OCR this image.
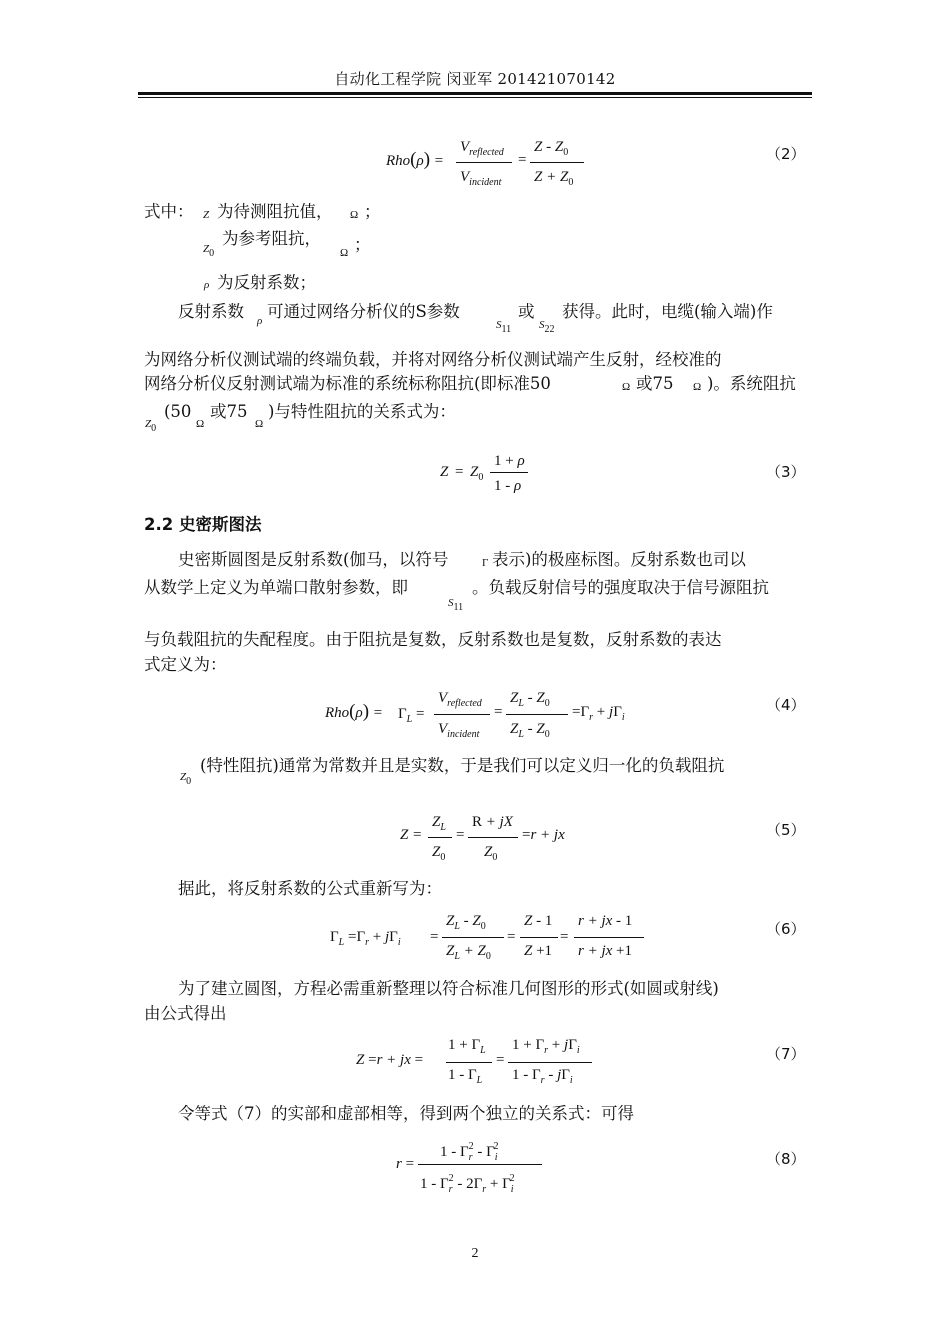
自动化工程学院 闵亚军 201421070142
Rho(ρ) =
$V_{reflected}$
$V_{incident}$
=
Z - $Z_0$
$Z + Z_0$
（2）
式中： Z 为待测阻抗值， Ω ；
Z0
为参考阻抗，
Ω ；
ρ 为反射系数；
反射系数 ρ 可通过网络分析仪的S参数
S11
或
S22
获得。此时，电缆(输入端)作
为网络分析仪测试端的终端负载，并将对网络分析仪测试端产生反射，经校准的
网络分析仪反射测试端为标准的系统标称阻抗(即标准50	Ω 或75 Ω )。系统阻抗
Z0
(50
Ω
或75
Ω
)与特性阻抗的关系式为：
$Z = Z_0$
1 + ρ
1 - ρ
（3）
2.2 史密斯图法
史密斯圆图是反射系数(伽马，以符号	Γ 表示)的极座标图。反射系数也司以
从数学上定义为单端口散射参数，即
S11
。负载反射信号的强度取决于信号源阻抗
与负载阻抗的失配程度。由于阻抗是复数，反射系数也是复数，反射系数的表达
式定义为：
$Rho(\rho) = \Gamma_L$ =
$V_{reflected}$
$V_{incident}$
=
$Z_L - Z_0$
$Z_L - Z_0$
$=\Gamma_r + j\Gamma_i$
（4）
Z0
(特性阻抗)通常为常数并且是实数，于是我们可以定义归一化的负载阻抗
Z =
$Z_L$
$Z_0$
=
R + jX
$Z_0$
=r + jx	（5）
据此，将反射系数的公式重新写为：
$\Gamma_L =\Gamma_r + j\Gamma_i$ =
$Z_L - Z_0$
$Z_L + Z_0$
=
Z - 1
Z +1
=
r + jx - 1
r + jx +1
（6）
为了建立圆图，方程必需重新整理以符合标准几何图形的形式(如圆或射线)
由公式得出
Z =r + jx =
$1 + \Gamma_L$
$1 - \Gamma_L$
=
$1 + \Gamma_r + j\Gamma_i$
$1 - \Gamma_r - j\Gamma_i$
（7）
令等式（7）的实部和虚部相等，得到两个独立的关系式：可得
r =
$1 - \Gamma_r^2 - \Gamma_i^2$
$1 - \Gamma_r^2 - 2\Gamma_r + \Gamma_i^2$
（8）
2
